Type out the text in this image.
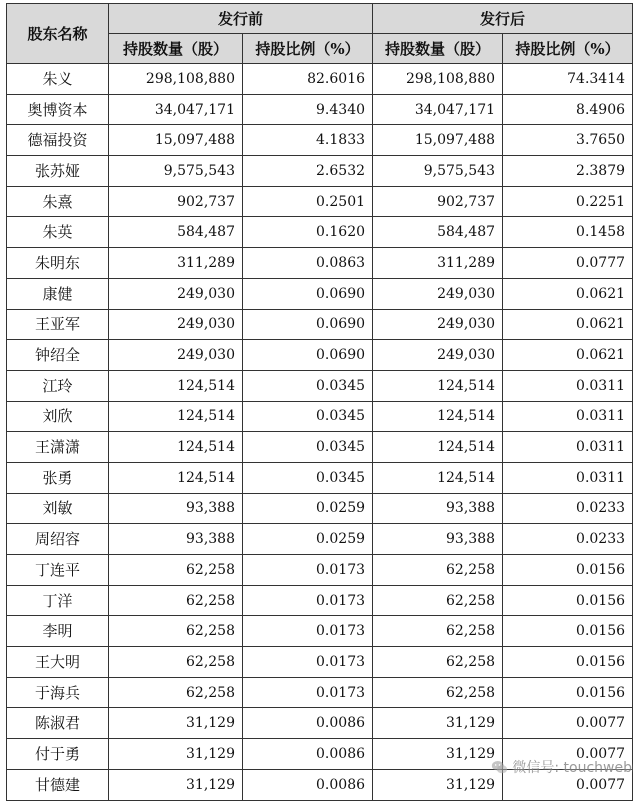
股东名称	发行前		发行后	
	持股数量（股）	持股比例（%）	持股数量（股）	持股比例（%）
朱义	298,108,880	82.6016	298,108,880	74.3414
奥博资本	34,047,171	9.4340	34,047,171	8.4906
德福投资	15,097,488	4.1833	15,097,488	3.7650
张苏娅	9,575,543	2.6532	9,575,543	2.3879
朱熹	902,737	0.2501	902,737	0.2251
朱英	584,487	0.1620	584,487	0.1458
朱明东	311,289	0.0863	311,289	0.0777
康健	249,030	0.0690	249,030	0.0621
王亚军	249,030	0.0690	249,030	0.0621
钟绍全	249,030	0.0690	249,030	0.0621
江玲	124,514	0.0345	124,514	0.0311
刘欣	124,514	0.0345	124,514	0.0311
王潇潇	124,514	0.0345	124,514	0.0311
张勇	124,514	0.0345	124,514	0.0311
刘敏	93,388	0.0259	93,388	0.0233
周绍容	93,388	0.0259	93,388	0.0233
丁连平	62,258	0.0173	62,258	0.0156
丁洋	62,258	0.0173	62,258	0.0156
李明	62,258	0.0173	62,258	0.0156
王大明	62,258	0.0173	62,258	0.0156
于海兵	62,258	0.0173	62,258	0.0156
陈淑君	31,129	0.0086	31,129	0.0077
付于勇	31,129	0.0086	31,129	0.0077
甘德建	31,129	0.0086	31,129	0.0077
微信号: touchweb
